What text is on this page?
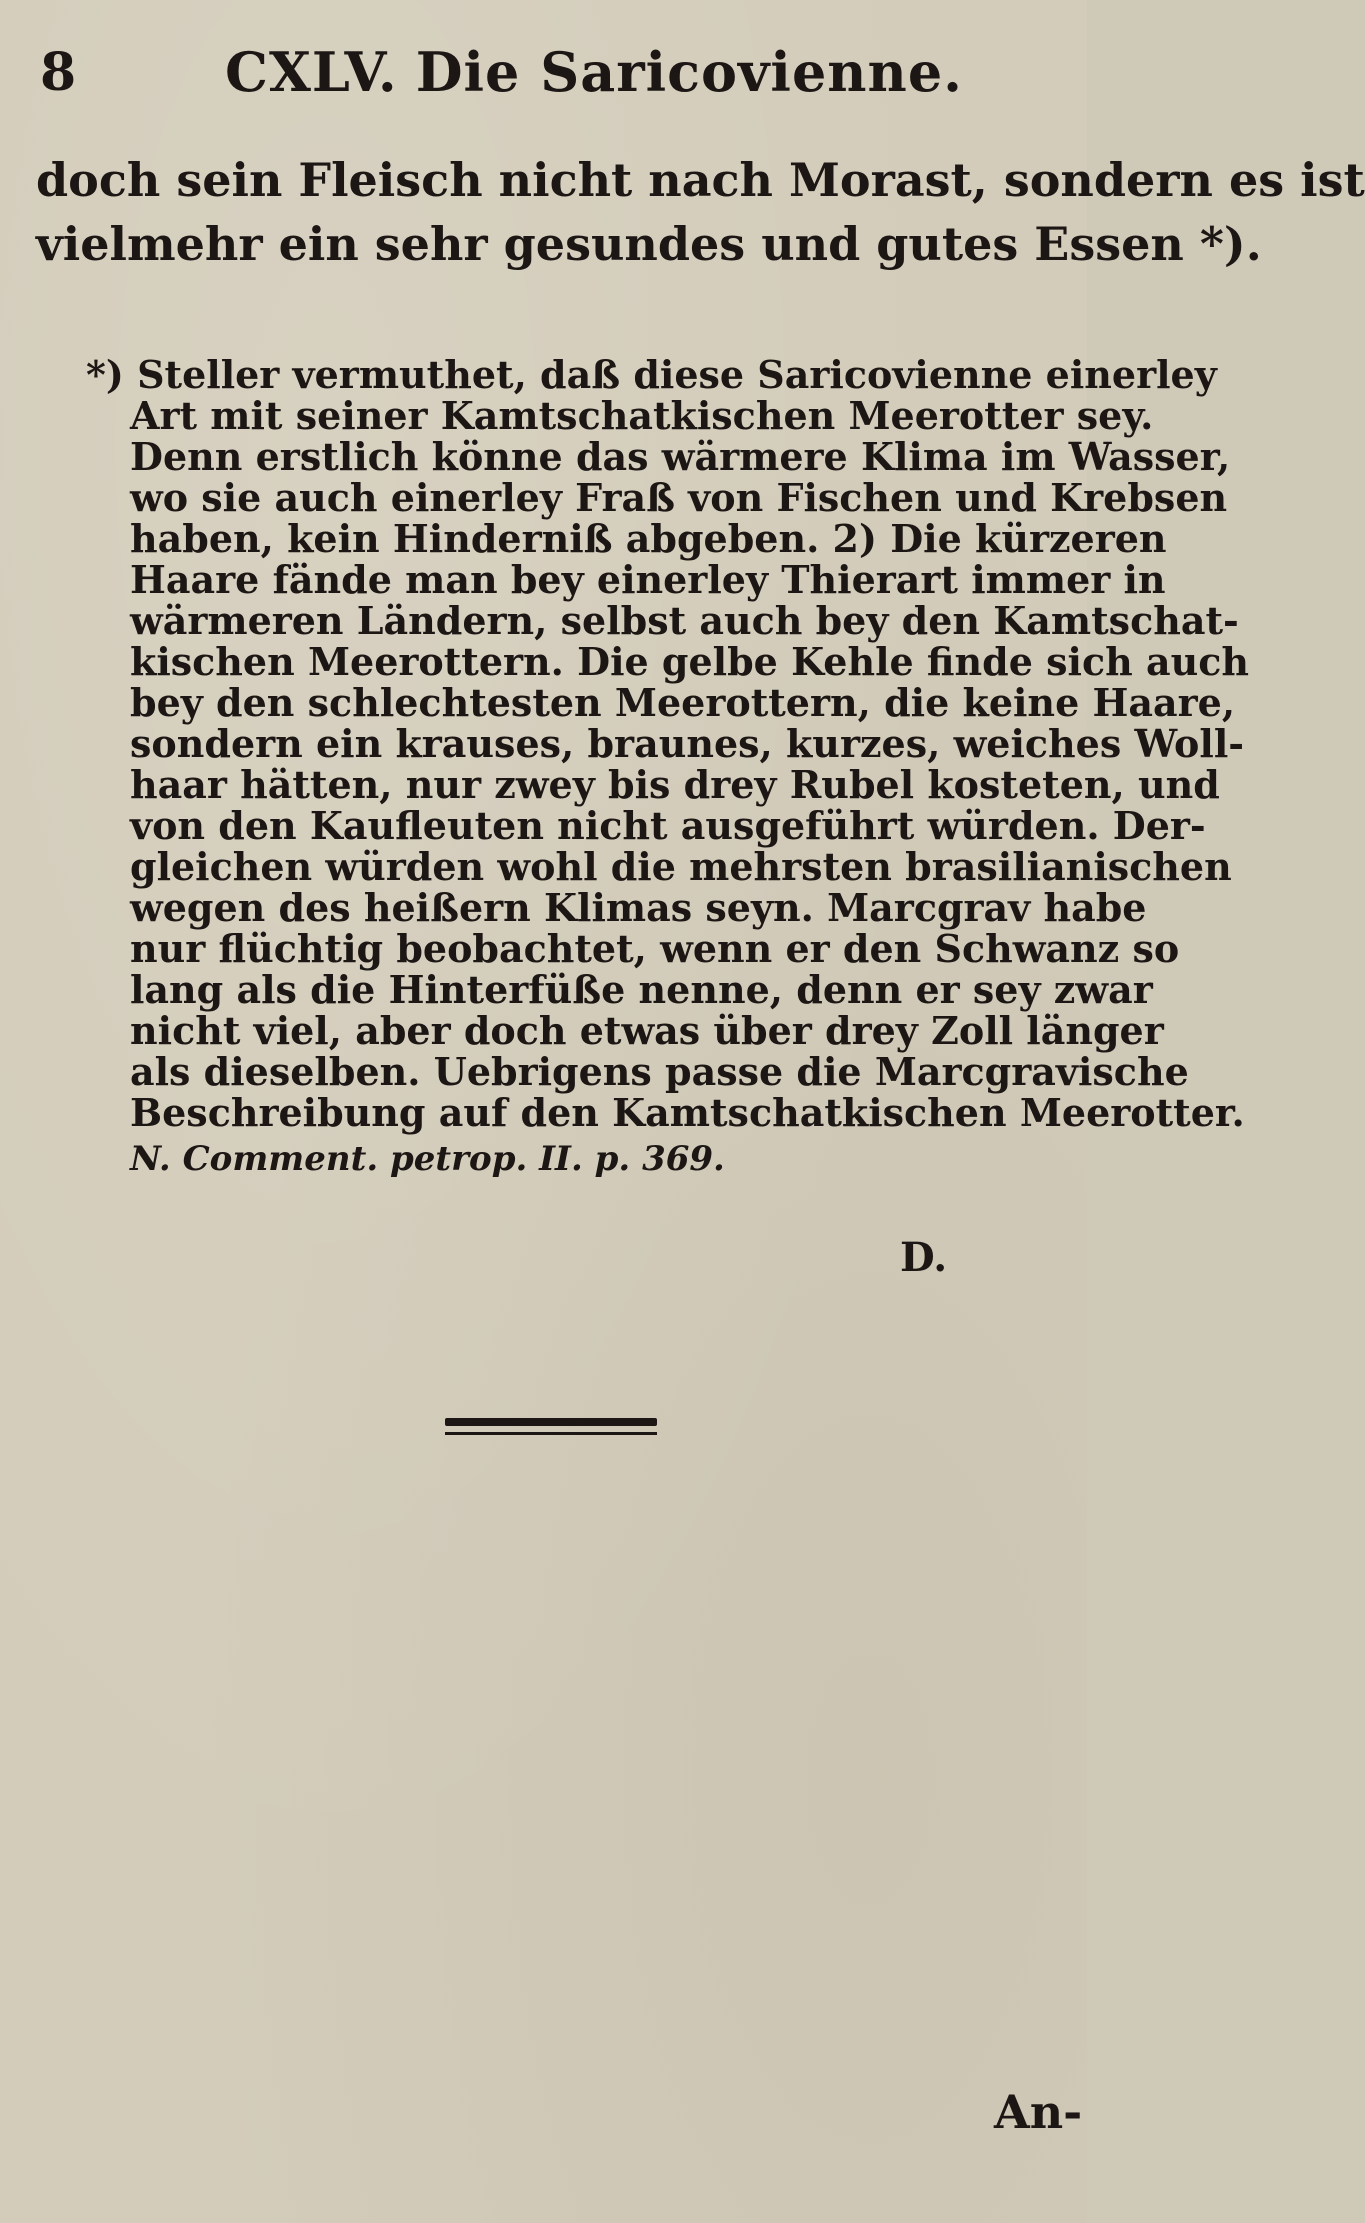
8	CXLV. Die Saricovienne.
doch sein Fleisch nicht nach Morast, sondern es ist
vielmehr ein sehr gesundes und gutes Essen *).
*) Steller vermuthet, daß diese Saricovienne einerley
Art mit seiner Kamtschatkischen Meerotter sey.
Denn erstlich könne das wärmere Klima im Wasser,
wo sie auch einerley Fraß von Fischen und Krebsen
haben, kein Hinderniß abgeben. 2) Die kürzeren
Haare fände man bey einerley Thierart immer in
wärmeren Ländern, selbst auch bey den Kamtschat-
kischen Meerottern. Die gelbe Kehle finde sich auch
bey den schlechtesten Meerottern, die keine Haare,
sondern ein krauses, braunes, kurzes, weiches Woll-
haar hätten, nur zwey bis drey Rubel kosteten, und
von den Kaufleuten nicht ausgeführt würden. Der-
gleichen würden wohl die mehrsten brasilianischen
wegen des heißern Klimas seyn. Marcgrav habe
nur flüchtig beobachtet, wenn er den Schwanz so
lang als die Hinterfüße nenne, denn er sey zwar
nicht viel, aber doch etwas über drey Zoll länger
als dieselben. Uebrigens passe die Marcgravische
Beschreibung auf den Kamtschatkischen Meerotter.
N. Comment. petrop. II. p. 369.
D.
An-
